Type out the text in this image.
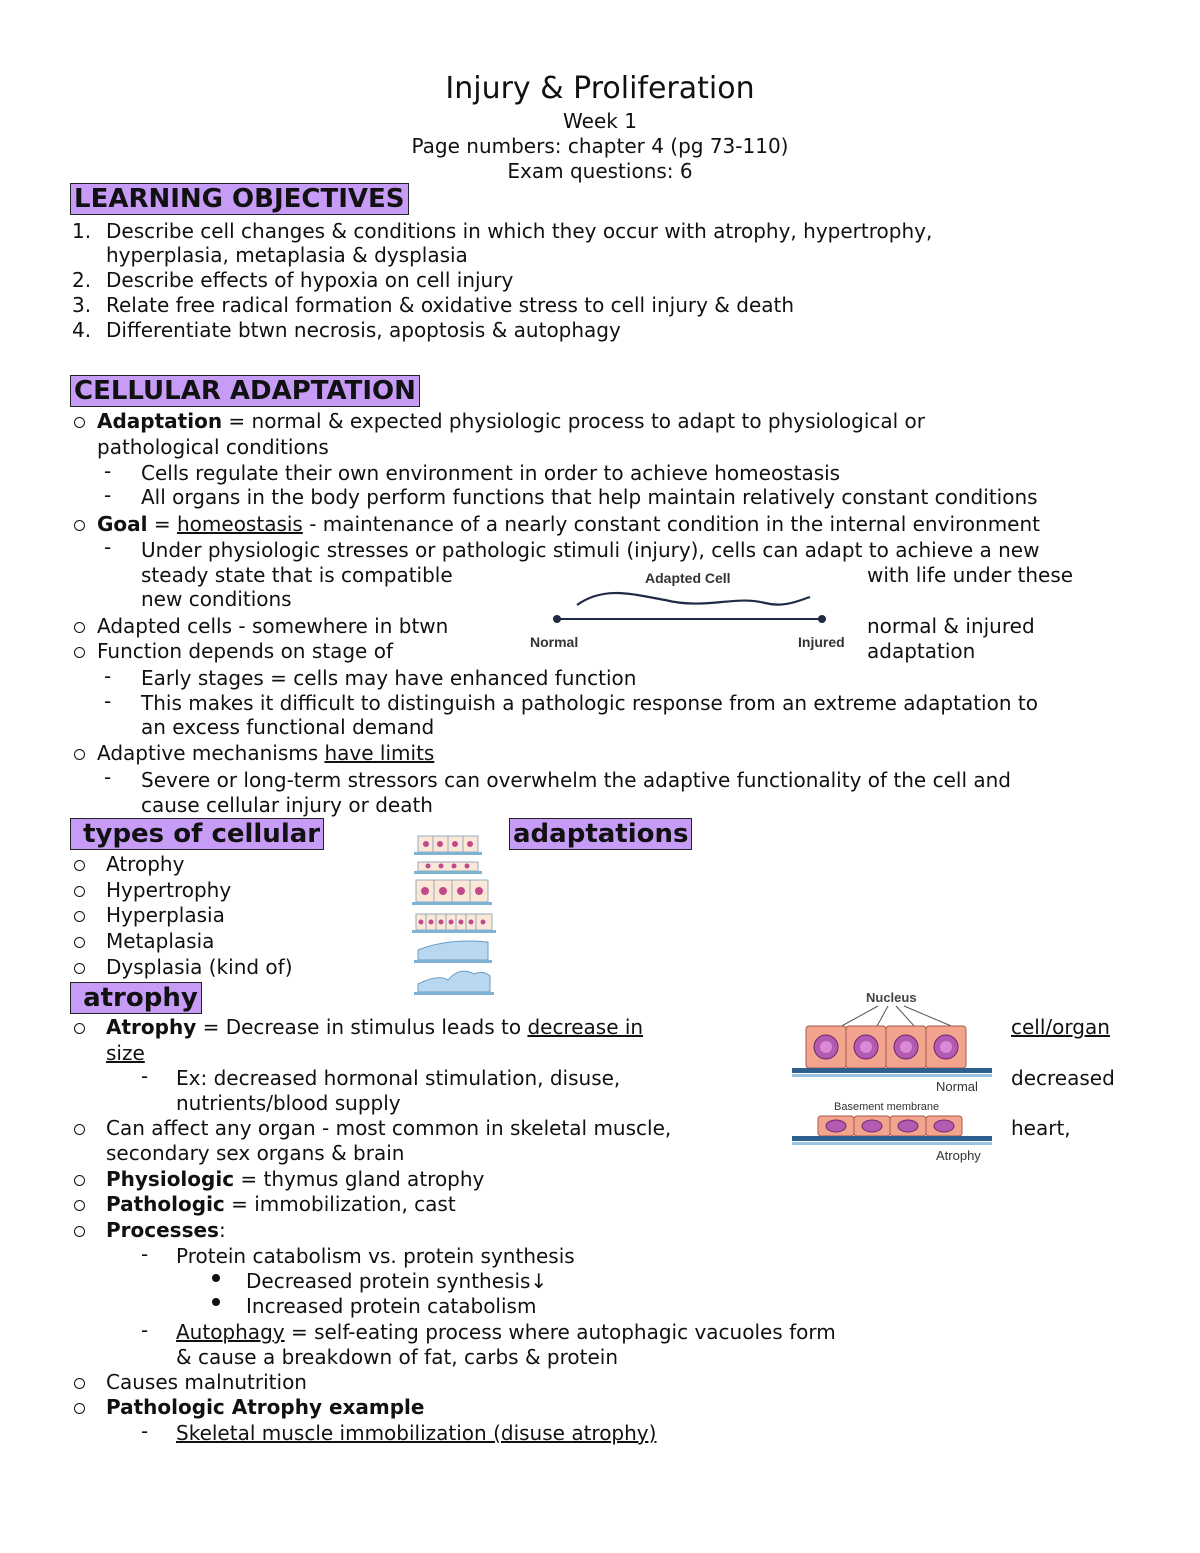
Injury & Proliferation
Week 1
Page numbers: chapter 4 (pg 73-110)
Exam questions: 6
LEARNING OBJECTIVES
1. Describe cell changes & conditions in which they occur with atrophy, hypertrophy,
hyperplasia, metaplasia & dysplasia
2. Describe effects of hypoxia on cell injury
3. Relate free radical formation & oxidative stress to cell injury & death
4. Differentiate btwn necrosis, apoptosis & autophagy
CELLULAR ADAPTATION
Adaptation = normal & expected physiologic process to adapt to physiological or
pathological conditions
- Cells regulate their own environment in order to achieve homeostasis
- All organs in the body perform functions that help maintain relatively constant conditions
Goal = homeostasis - maintenance of a nearly constant condition in the internal environment
- Under physiologic stresses or pathologic stimuli (injury), cells can adapt to achieve a new
steady state that is compatible	with life under these
new conditions
Adapted cells - somewhere in btwn	normal & injured
Function depends on stage of	adaptation
- Early stages = cells may have enhanced function
- This makes it difficult to distinguish a pathologic response from an extreme adaptation to
an excess functional demand
Adaptive mechanisms have limits
- Severe or long-term stressors can overwhelm the adaptive functionality of the cell and
cause cellular injury or death
Adapted Cell
Normal	Injured
types of cellular	adaptations
Atrophy
Hypertrophy
Hyperplasia
Metaplasia
Dysplasia (kind of)
atrophy
Atrophy = Decrease in stimulus leads to decrease in	cell/organ
size
- Ex: decreased hormonal stimulation, disuse,	decreased
nutrients/blood supply
Can affect any organ - most common in skeletal muscle,	heart,
secondary sex organs & brain
Physiologic = thymus gland atrophy
Pathologic = immobilization, cast
Processes:
- Protein catabolism vs. protein synthesis
Decreased protein synthesis↓
Increased protein catabolism
- Autophagy = self-eating process where autophagic vacuoles form
& cause a breakdown of fat, carbs & protein
Causes malnutrition
Pathologic Atrophy example
- Skeletal muscle immobilization (disuse atrophy)
Nucleus
Normal
Basement membrane
Atrophy
